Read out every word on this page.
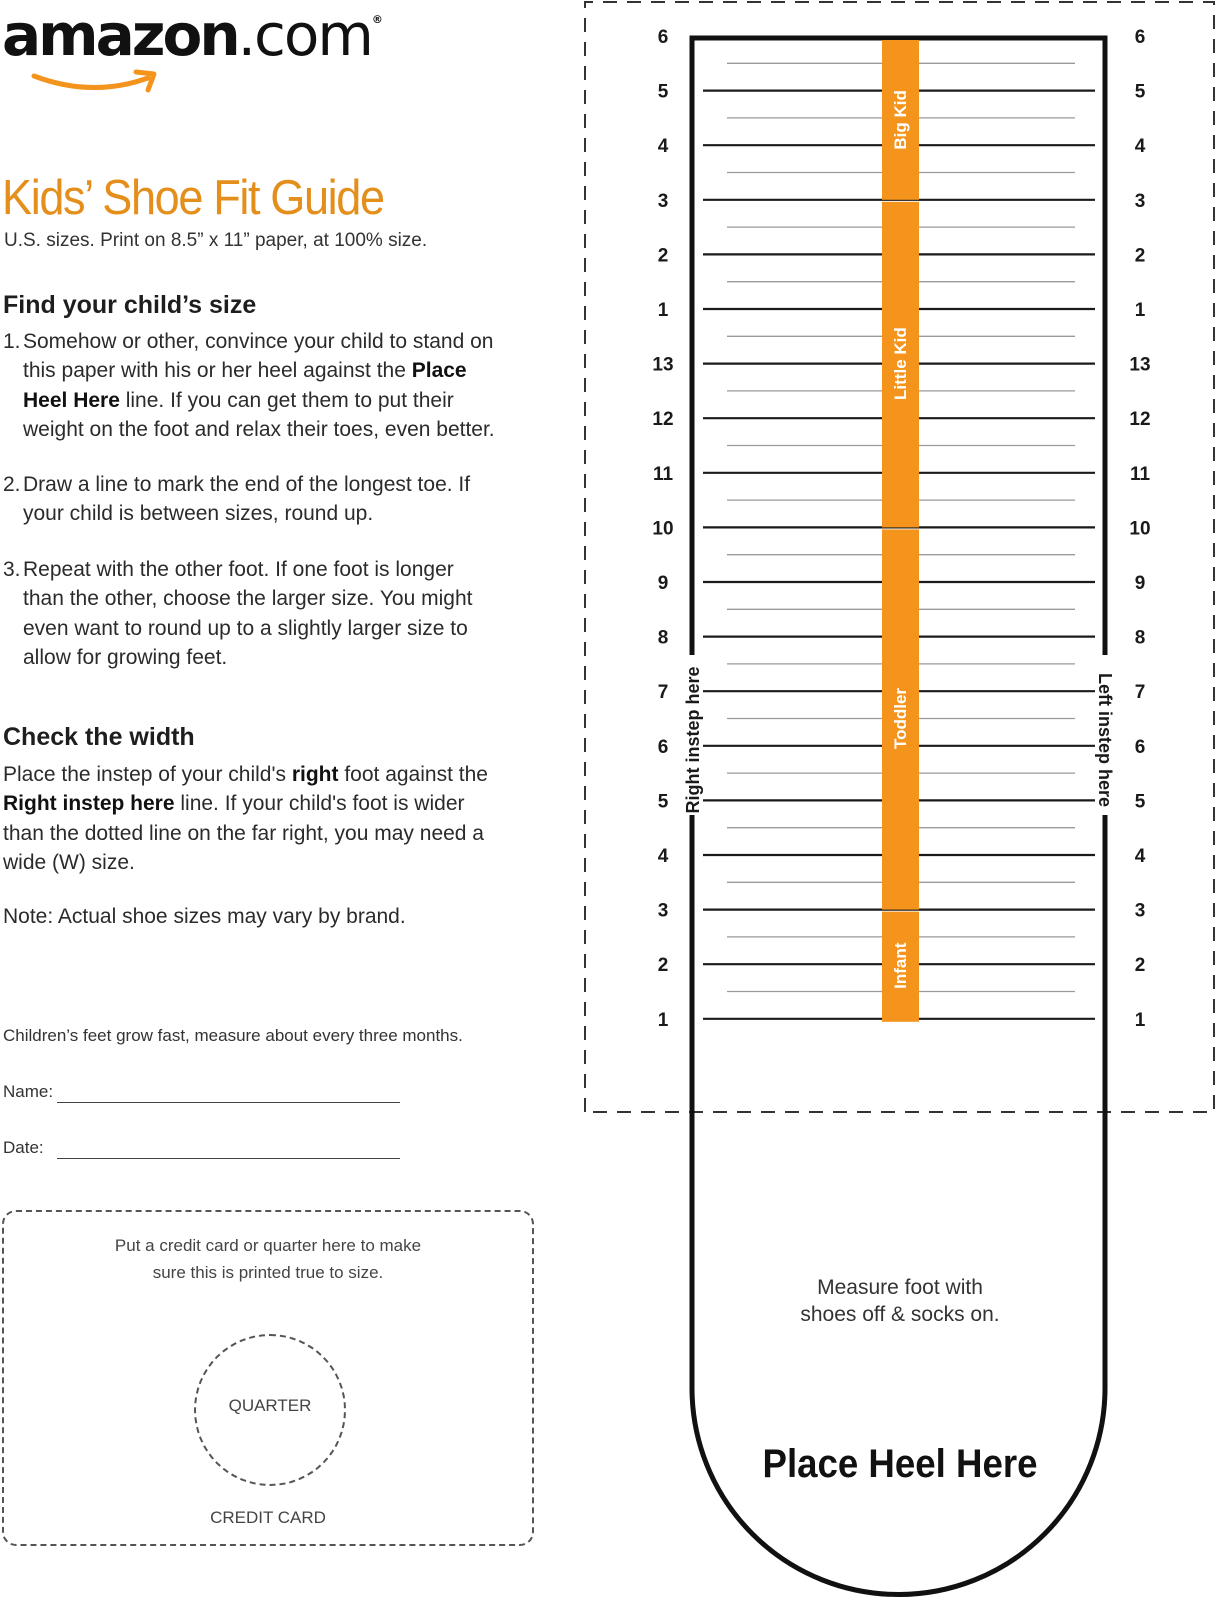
amazon.com®
Kids’ Shoe Fit Guide
U.S. sizes. Print on 8.5” x 11” paper, at 100% size.
Find your child’s size
1. Somehow or other, convince your child to stand on this paper with his or her heel against the Place Heel Here line. If you can get them to put their weight on the foot and relax their toes, even better.
2. Draw a line to mark the end of the longest toe. If your child is between sizes, round up.
3. Repeat with the other foot. If one foot is longer than the other, choose the larger size. You might even want to round up to a slightly larger size to allow for growing feet.
Check the width
Place the instep of your child's right foot against the Right instep here line. If your child's foot is wider than the dotted line on the far right, you may need a wide (W) size.
Note: Actual shoe sizes may vary by brand.
Children’s feet grow fast, measure about every three months.
Name:
Date:
Put a credit card or quarter here to make
sure this is printed true to size.
QUARTER
CREDIT CARD
6
5
4
3
2
1
13
12
11
10
9
8
7
6
5
4
3
2
1
6
5
4
3
2
1
13
12
11
10
9
8
7
6
5
4
3
2
1
Right instep here	Left instep here
Measure foot with
shoes off & socks on.
Place Heel Here
Big Kid
Little Kid
Toddler
Infant
